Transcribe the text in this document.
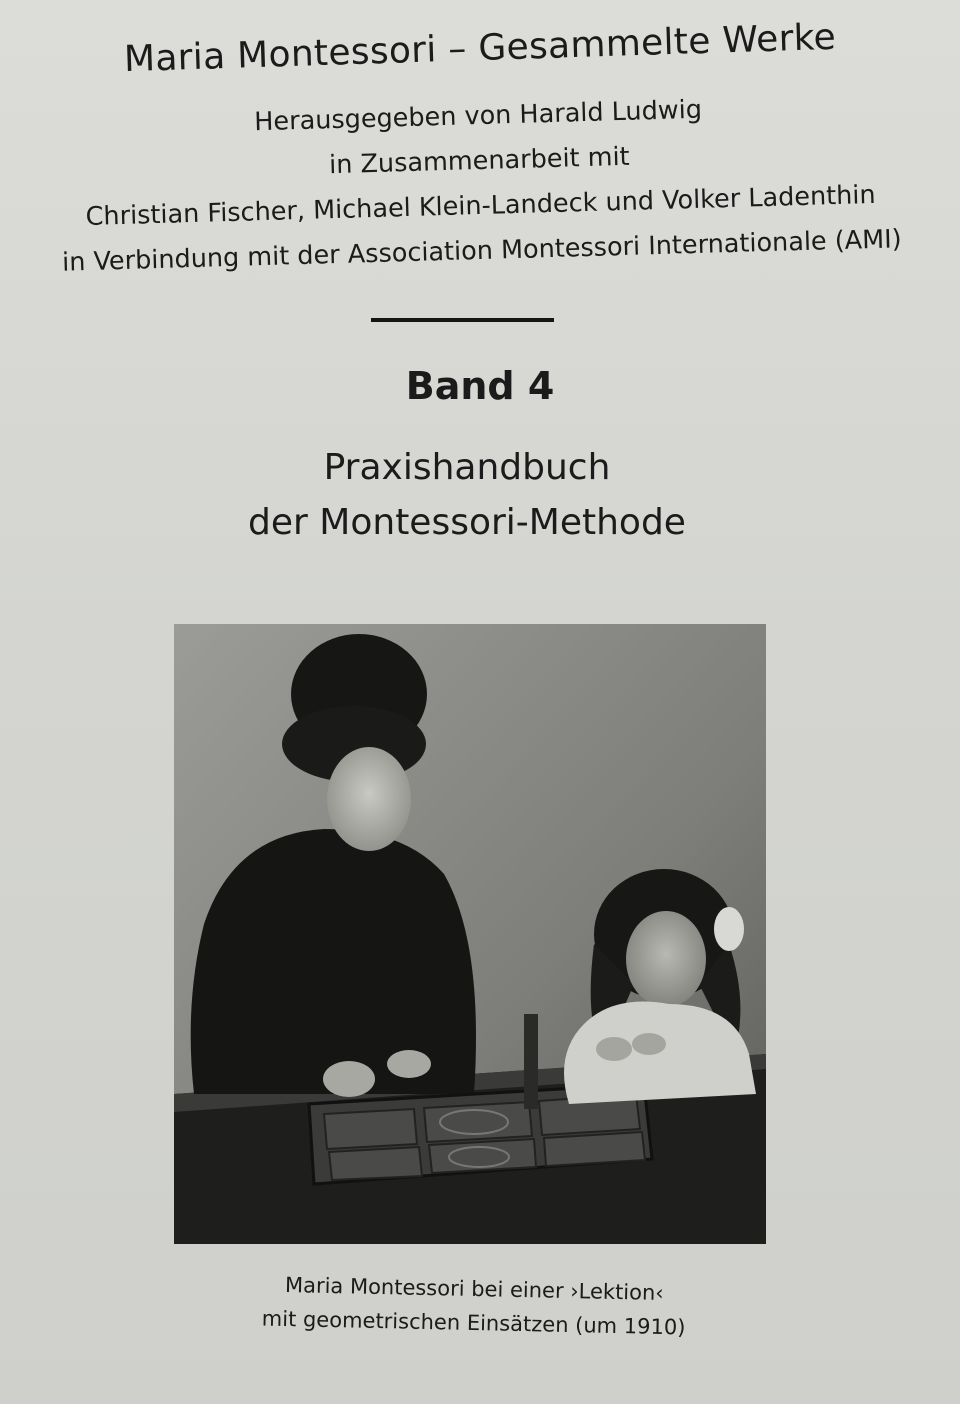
Maria Montessori – Gesammelte Werke
Herausgegeben von Harald Ludwig
in Zusammenarbeit mit
Christian Fischer, Michael Klein-Landeck und Volker Ladenthin
in Verbindung mit der Association Montessori Internationale (AMI)
Band 4
Praxishandbuch
der Montessori-Methode
Maria Montessori bei einer ›Lektion‹
mit geometrischen Einsätzen (um 1910)
